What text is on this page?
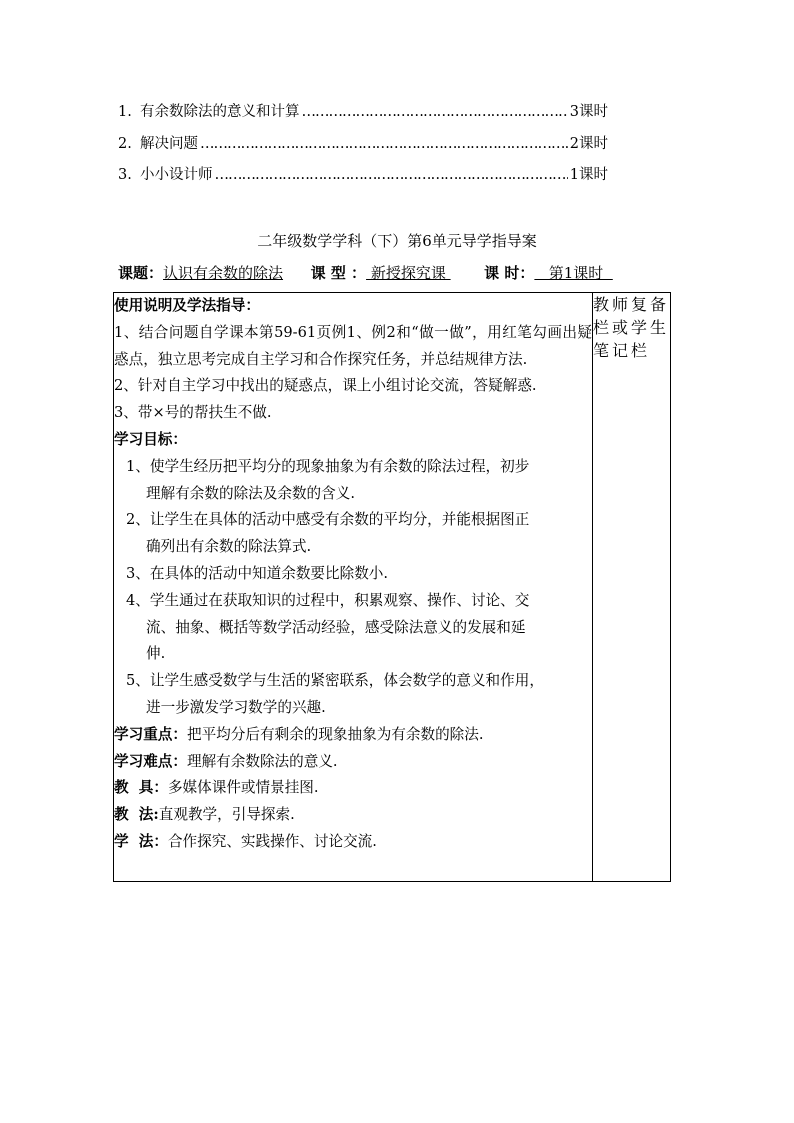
1. 有余数除法的意义和计算 …………………………………………………………………………………………………………………………	3课时
2. 解决问题 …………………………………………………………………………………………………………………………	2课时
3. 小小设计师 …………………………………………………………………………………………………………………………	1课时
二年级数学学科（下）第6单元导学指导案
课题：认识有余数的除法 课 型 ： 新授探究课   课 时：   第1课时
使用说明及学法指导：
1、结合问题自学课本第59-61页例1、例2和“做一做”，用红笔勾画出疑惑点，独立思考完成自主学习和合作探究任务，并总结规律方法.
2、针对自主学习中找出的疑惑点，课上小组讨论交流，答疑解惑.
3、带×号的帮扶生不做.
学习目标：
1、使学生经历把平均分的现象抽象为有余数的除法过程，初步
理解有余数的除法及余数的含义.
2、让学生在具体的活动中感受有余数的平均分，并能根据图正
确列出有余数的除法算式.
3、在具体的活动中知道余数要比除数小.
4、学生通过在获取知识的过程中，积累观察、操作、讨论、交
流、抽象、概括等数学活动经验，感受除法意义的发展和延
伸.
5、让学生感受数学与生活的紧密联系，体会数学的意义和作用，
进一步激发学习数学的兴趣.
学习重点：把平均分后有剩余的现象抽象为有余数的除法.
学习难点：理解有余数除法的意义.
教  具：多媒体课件或情景挂图.
教  法:直观教学，引导探索.
学  法：合作探究、实践操作、讨论交流.

教师复备栏或学生笔记栏
